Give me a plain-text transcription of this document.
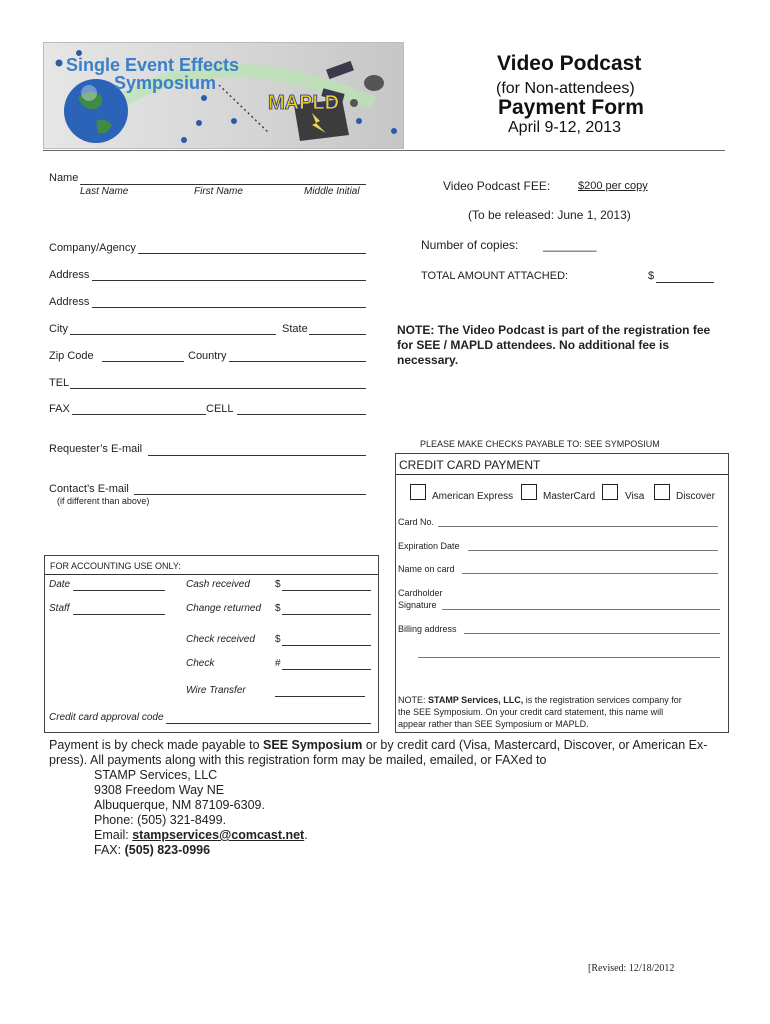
Single Event Effects
Symposium
MAPLD
Video Podcast
(for Non-attendees)
Payment Form
April 9-12, 2013
Name
Last Name	First Name	Middle Initial
Company/Agency
Address
Address
City	State
Zip Code	Country
TEL
FAX	CELL
Requester’s E-mail
Contact’s E-mail
(if different than above)
FOR ACCOUNTING USE ONLY:
Date	Cash received	$
Staff	Change returned $
Check received $
Check	#
Wire Transfer
Credit card approval code
Video Podcast FEE:	$200 per copy
(To be released: June 1, 2013)
Number of copies: ________
TOTAL AMOUNT ATTACHED:	$
NOTE: The Video Podcast is part of the registration fee for SEE / MAPLD attendees. No additional fee is necessary.
PLEASE MAKE CHECKS PAYABLE TO: SEE SYMPOSIUM
CREDIT CARD PAYMENT
American Express	MasterCard	Visa	Discover
Card No.
Expiration Date
Name on card
Cardholder
Signature
Billing address
NOTE: STAMP Services, LLC, is the registration services company for
the SEE Symposium. On your credit card statement, this name will
appear rather than SEE Symposium or MAPLD.
Payment is by check made payable to SEE Symposium or by credit card (Visa, Mastercard, Discover, or American Ex-
press). All payments along with this registration form may be mailed, emailed, or FAXed to
STAMP Services, LLC
9308 Freedom Way NE
Albuquerque, NM 87109-6309.
Phone: (505) 321-8499.
Email: stampservices@comcast.net.
FAX: (505) 823-0996
[Revised: 12/18/2012
